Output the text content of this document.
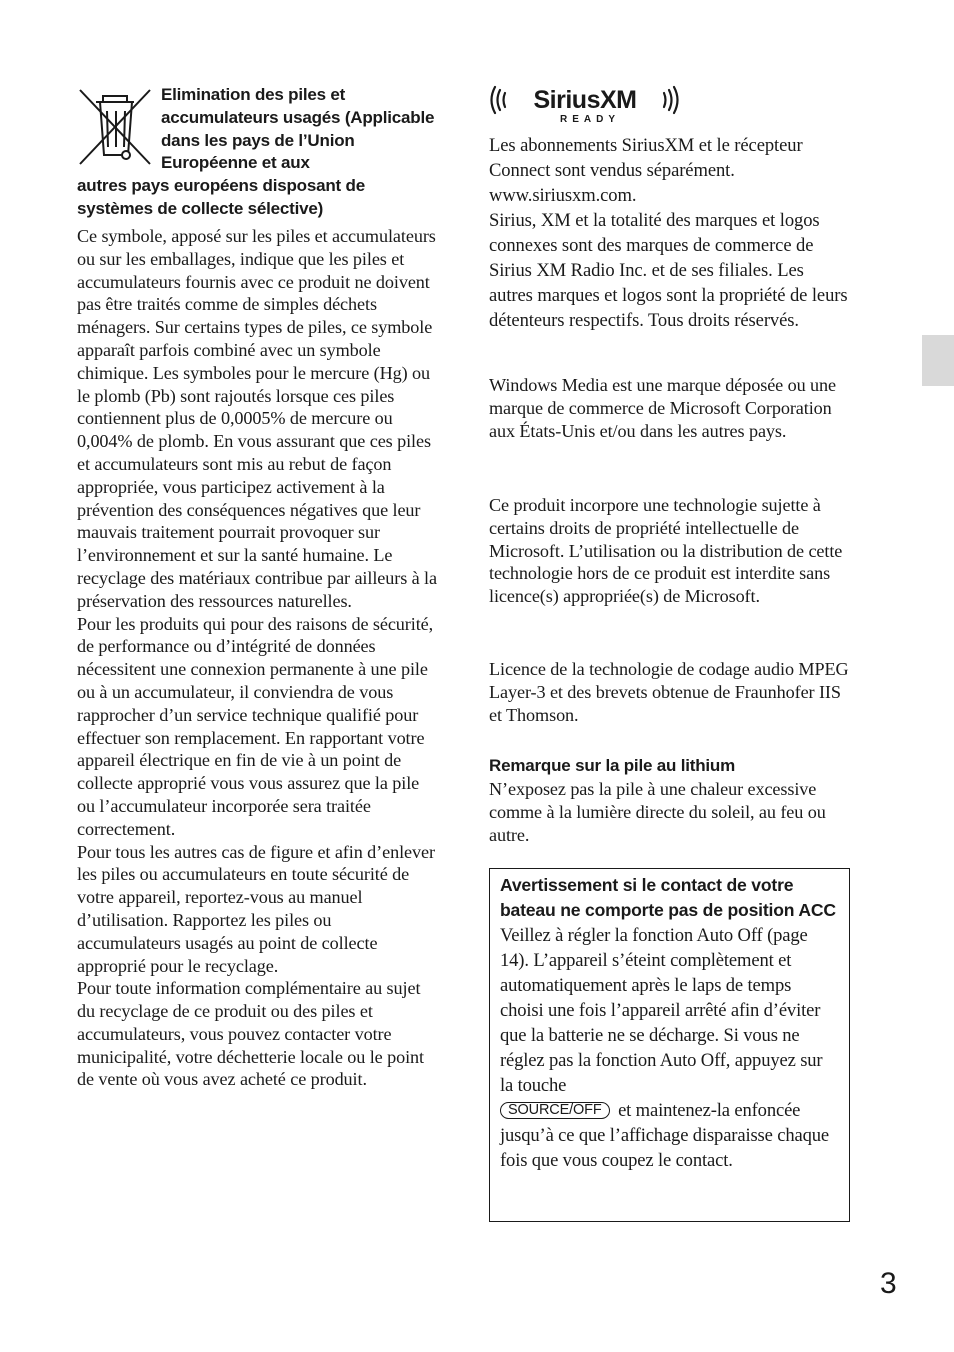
Elimination des piles et accumulateurs usagés (Applicable dans les pays de l’Union Européenne et aux
autres pays européens disposant de systèmes de collecte sélective)

Ce symbole, apposé sur les piles et accumulateurs ou sur les emballages, indique que les piles et accumulateurs fournis avec ce produit ne doivent pas être traités comme de simples déchets ménagers. Sur certains types de piles, ce symbole apparaît parfois combiné avec un symbole chimique. Les symboles pour le mercure (Hg) ou le plomb (Pb) sont rajoutés lorsque ces piles contiennent plus de 0,0005% de mercure ou 0,004% de plomb. En vous assurant que ces piles et accumulateurs sont mis au rebut de façon appropriée, vous participez activement à la prévention des conséquences négatives que leur mauvais traitement pourrait provoquer sur l’environnement et sur la santé humaine. Le recyclage des matériaux contribue par ailleurs à la préservation des ressources naturelles.

Pour les produits qui pour des raisons de sécurité, de performance ou d’intégrité de données nécessitent une connexion permanente à une pile ou à un accumulateur, il conviendra de vous rapprocher d’un service technique qualifié pour effectuer son remplacement. En rapportant votre appareil électrique en fin de vie à un point de collecte approprié vous vous assurez que la pile ou l’accumulateur incorporée sera traitée correctement.

Pour tous les autres cas de figure et afin d’enlever les piles ou accumulateurs en toute sécurité de votre appareil, reportez-vous au manuel d’utilisation. Rapportez les piles ou accumulateurs usagés au point de collecte approprié pour le recyclage.

Pour toute information complémentaire au sujet du recyclage de ce produit ou des piles et accumulateurs, vous pouvez contacter votre municipalité, votre déchetterie locale ou le point de vente où vous avez acheté ce produit.

SiriusXM
READY

Les abonnements SiriusXM et le récepteur Connect sont vendus séparément. www.siriusxm.com.

Sirius, XM et la totalité des marques et logos connexes sont des marques de commerce de Sirius XM Radio Inc. et de ses filiales. Les autres marques et logos sont la propriété de leurs détenteurs respectifs. Tous droits réservés.

Windows Media est une marque déposée ou une marque de commerce de Microsoft Corporation aux États-Unis et/ou dans les autres pays.

Ce produit incorpore une technologie sujette à certains droits de propriété intellectuelle de Microsoft. L’utilisation ou la distribution de cette technologie hors de ce produit est interdite sans licence(s) appropriée(s) de Microsoft.

Licence de la technologie de codage audio MPEG Layer-3 et des brevets obtenue de Fraunhofer IIS et Thomson.

Remarque sur la pile au lithium

N’exposez pas la pile à une chaleur excessive comme à la lumière directe du soleil, au feu ou autre.

Avertissement si le contact de votre bateau ne comporte pas de position ACC

Veillez à régler la fonction Auto Off (page 14). L’appareil s’éteint complètement et automatiquement après le laps de temps choisi une fois l’appareil arrêté afin d’éviter que la batterie ne se décharge. Si vous ne réglez pas la fonction Auto Off, appuyez sur la touche
SOURCE/OFF et maintenez-la enfoncée jusqu’à ce que l’affichage disparaisse chaque fois que vous coupez le contact.

3
